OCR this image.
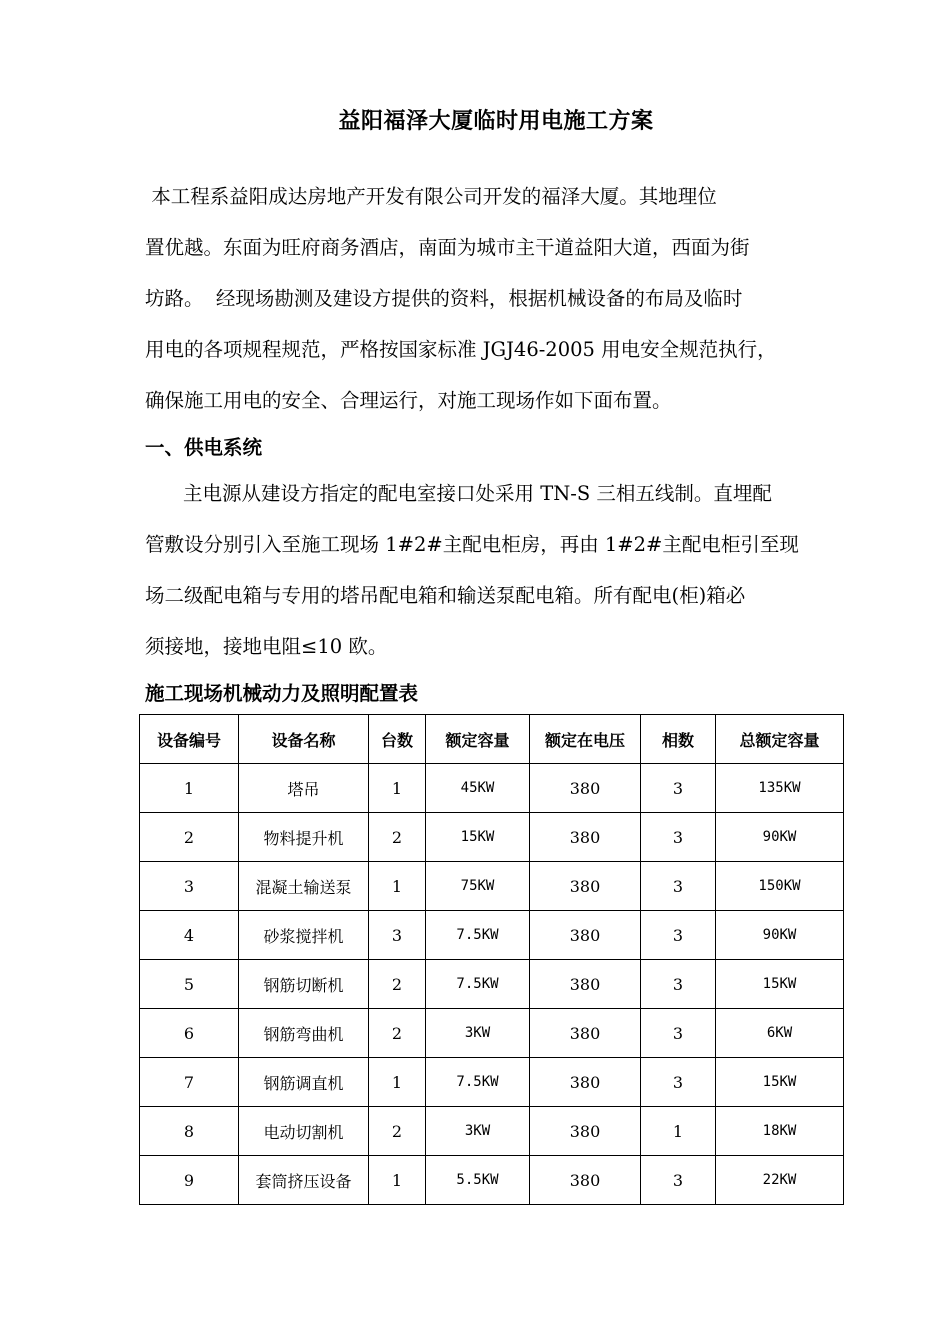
益阳福泽大厦临时用电施工方案
本工程系益阳成达房地产开发有限公司开发的福泽大厦。其地理位
置优越。东面为旺府商务酒店，南面为城市主干道益阳大道，西面为街
坊路。  经现场勘测及建设方提供的资料，根据机械设备的布局及临时
用电的各项规程规范，严格按国家标准 JGJ46-2005 用电安全规范执行，
确保施工用电的安全、合理运行，对施工现场作如下面布置。
一、供电系统
主电源从建设方指定的配电室接口处采用 TN-S 三相五线制。直埋配
管敷设分别引入至施工现场 1#2#主配电柜房，再由 1#2#主配电柜引至现
场二级配电箱与专用的塔吊配电箱和输送泵配电箱。所有配电(柜)箱必
须接地，接地电阻≤10 欧。
施工现场机械动力及照明配置表
设备编号	设备名称	台数	额定容量	额定在电压	相数	总额定容量
1	塔吊	1	45KW	380	3	135KW
2	物料提升机	2	15KW	380	3	90KW
3	混凝土输送泵	1	75KW	380	3	150KW
4	砂浆搅拌机	3	7.5KW	380	3	90KW
5	钢筋切断机	2	7.5KW	380	3	15KW
6	钢筋弯曲机	2	3KW	380	3	6KW
7	钢筋调直机	1	7.5KW	380	3	15KW
8	电动切割机	2	3KW	380	1	18KW
9	套筒挤压设备	1	5.5KW	380	3	22KW
